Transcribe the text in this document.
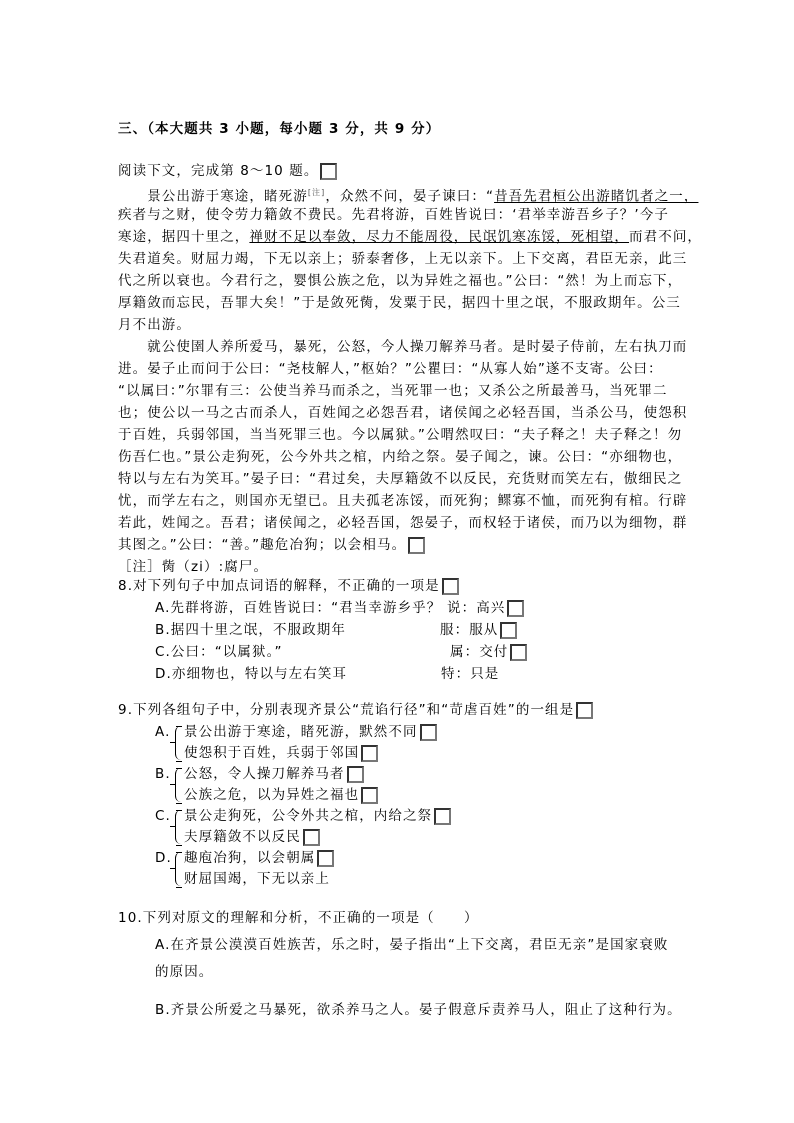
三、（本大题共 3 小题，每小题 3 分，共 9 分）
阅读下文，完成第 8～10 题。
　　景公出游于寒途，睹死游[注]，众然不问，晏子谏曰：“昔吾先君桓公出游睹饥者之一，
疾者与之财，使令劳力籍敛不费民。先君将游，百姓皆说曰：‘君举幸游吾乡子？’今子
寒途，据四十里之，禅财不足以奉敛，尽力不能周役，民氓饥寒冻馁，死相望，而君不问，
失君道矣。财屈力竭，下无以亲上；骄泰奢侈，上无以亲下。上下交离，君臣无亲，此三
代之所以衰也。今君行之，婴惧公族之危，以为异姓之福也。”公曰：“然！为上而忘下，
厚籍敛而忘民，吾罪大矣！”于是敛死胔，发粟于民，据四十里之氓，不服政期年。公三
月不出游。
　　就公使圉人养所爱马，暴死，公怒，今人操刀解养马者。是时晏子侍前，左右执刀而
进。晏子止而问于公曰：“尧枝解人，”枢始？”公瞿曰：“从寡人始”遂不支寄。公曰：
“以属曰：”尔罪有三：公使当养马而杀之，当死罪一也；又杀公之所最善马，当死罪二
也；使公以一马之古而杀人，百姓闻之必怨吾君，诸侯闻之必轻吾国，当杀公马，使怨积
于百姓，兵弱邻国，当当死罪三也。今以属狱。”公喟然叹曰：“夫子释之！夫子释之！勿
伤吾仁也。”景公走狗死，公今外共之棺，内给之祭。晏子闻之，谏。公曰：“亦细物也，
特以与左右为笑耳。”晏子曰：“君过矣，夫厚籍敛不以反民，充货财而笑左右，傲细民之
忧，而学左右之，则国亦无望已。且夫孤老冻馁，而死狗；鳏寡不恤，而死狗有棺。行辟
若此，姓闻之。吾君；诸侯闻之，必轻吾国，怨晏子，而权轻于诸侯，而乃以为细物，群
其图之。”公曰：“善。”趣危冶狗；以会相马。
［注］胔（zi）:腐尸。
8.对下列句子中加点词语的解释，不正确的一项是
A.先群将游，百姓皆说曰：“君当幸游乡乎？ 说：高兴
B.据四十里之氓，不服政期年	服：服从
C.公曰：“以属狱。”	属：交付
D.亦细物也，特以与左右笑耳	特：只是
9.下列各组句子中，分别表现齐景公“荒谄行径”和“苛虐百姓”的一组是
A. 景公出游于寒途，睹死游，默然不同
使怨积于百姓，兵弱于邻国
B. 公怒，令人操刀解养马者
公族之危，以为异姓之福也
C. 景公走狗死，公令外共之棺，内给之祭
夫厚籍敛不以反民
D. 趣庖冶狗，以会朝属
财屈国竭，下无以亲上
10.下列对原文的理解和分析，不正确的一项是（　　）
A.在齐景公漠漠百姓族苦，乐之时，晏子指出“上下交离，君臣无亲”是国家衰败
的原因。
B.齐景公所爱之马暴死，欲杀养马之人。晏子假意斥责养马人，阻止了这种行为。
